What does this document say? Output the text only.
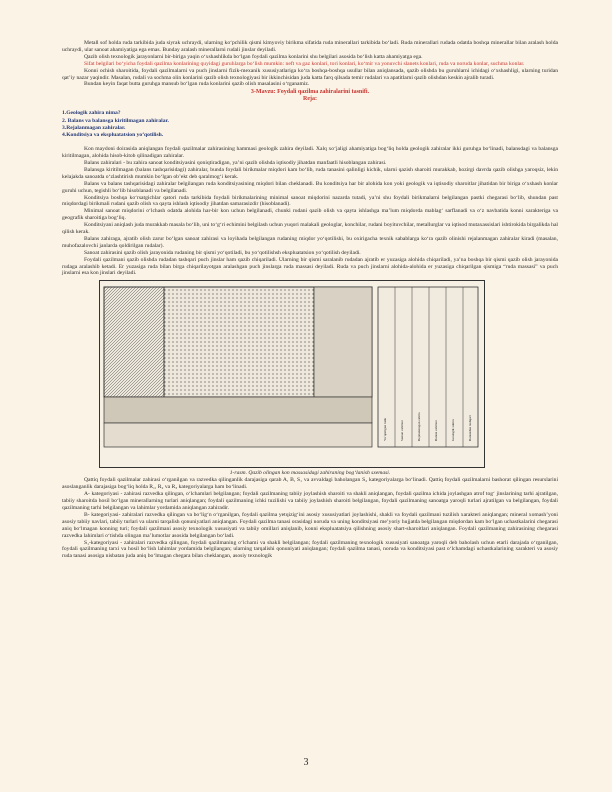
Metall sof holda ruda tarkibida juda siyrak uchraydi, ularning ko‘pchilik qismi kimyoviy birikma sifatida ruda minerallari tarkibida bo‘ladi. Ruda minerallari rudada odatda boshqa minerallar bilan aralash holda uchraydi, ular sanoat ahamiyatiga ega emas. Bunday aralash minerallarni rudali jinslar deyiladi.

Qazib olish texnologik jarayonlarni bir-biriga yaqin o‘xshashlikda bo‘lgan foydali qazilma konlarini shu belgilari asosida bo‘lish katta ahamiyatga ega.

Sifat belgilari bo‘yicha foydali qazilma konlarining quyidagi guruhlarga bo‘lish mumkin: neft va gaz konlari, tori konlari, ko‘mir va yonuvchi slanets konlari, ruda va noruda konlar, suchma konlar.

Konni ochish sharoitida, foydali qazilmalarni va puch jinslarni fizik-mexanik xususiyatlariga ko‘ra boshqa-boshqa usullar bilan aniqlansada, qazib olishda bu guruhlarni ichidagi o‘xshashligi, ularning turidan qat’iy nazar yaqindir. Masalan, rudali va sochma olin konlarini qazib olish texnologiyasi bir ikkinchisidan juda katta farq qilsada temir rudalari va apatitlarni qazib olishdan keskin ajralib turadi.

Bundan keyin faqat butta guruhga mansub bo‘lgan ruda konlarini qazib olish masalasini o‘rganamiz.

3-Mavzu: Foydali qazilma zahiralarini tasnifi.
Reja:

1.Geologik zahira nima?

2. Balans va balansga kiritilmagan zahiralar.

3.Rejalanmagan zahiralar.

4.Konditsiya va ekspluatatsion yo‘qotilish.

Kon maydoni doirasida aniqlangan foydali qazilmalar zahirasining hammasi geologik zahira deyiladi. Xalq xo‘jaligi ahamiyatiga bog‘liq holda geologik zahiralar ikki guruhga bo‘linadi, balansdagi va balansga kiritilmagan, alohida hisob-kitob qilinadigan zahiralar.

Balans zahiralari - bu zahira sanoat konditsiyasini qoniqtiradigan, ya’ni qazib olishda iqtisodiy jihatdan manfaatli hisoblangan zahirasi.

Balansga kiritilmagan (balans tashqarisidagi) zahiralar, bunda foydali birikmalar miqdori kam bo‘lib, ruda tanasini qalinligi kichik, ularni qazish sharoiti murakkab, hozirgi davrda qazib olishga yaroqsiz, lekin kelajakda sanoatda o‘zlashtirish mumkin bo‘lgan ob’ekt deb qaralmog‘i kerak.

Balans va balans tashqarisidagi zahiralar belgilangan ruda konditsiyasining miqdori bilan cheklanadi. Bu konditsiya har bir alohida kon yoki geologik va iqtisodiy sharoitlar jihatidan bir biriga o‘xshash konlar guruhi uchun, tegishli bo‘lib hisoblanadi va belgilanadi.

Konditsiya boshqa ko‘rsatgichlar qatori ruda tarkibida foydali birikmalarining minimal sanoat miqdorini nazarda tutadi, ya’ni shu foydali birikmalarni belgilangan pastki chegarasi bo‘lib, shundan past miqdordagi birikmali rudani qazib olish va qayta ishlash iqtisodiy jihatdan samarasizdir (hisoblanadi).

Minimal sanoat miqdorini o‘lchash odatda alohida har-bir kon uchun belgilanadi, chunki rudani qazib olish va qayta ishlashga ma’lum miqdorda mablag‘ sarflanadi va o‘z navbatida konni xarakteriga va geografik sharoitiga bog‘liq.

Konditsiyani aniqlash juda murakkab masala bo‘lib, uni to‘g‘ri echimini belgilash uchun yuqori malakali geologlar, konchilar, rudani boyituvchilar, metallurglar va iqtisod mutaxassislari ishtirokida birgalikda hal qilish kerak.

Balans zahiraga, ajratib olish zarur bo‘lgan sanoat zahirasi va loyihada belgilangan rudaning miqdor yo‘qotilishi, bu oxirigacha texnik sabablarga ko‘ra qazib olinishi rejalanmagan zahiralar kiradi (masalan, muhofazalovchi janlarda qoldirilgan rudalar).

Sanoat zahirasini qazib olish jarayonida rudaning bir qismi yo‘qotiladi, bu yo‘qotilishsh ekspluatatsion yo‘qotilish deyiladi.

Foydali qazilmani qazib olishda rudadan tashqari puch jinslar ham qazib chiqariladi. Ularning bir qismi saralanib rudadan ajratib er yuzasiga alohida chiqariladi, ya’na boshqa bir qismi qazib olish jarayonida rudaga aralashib ketadi. Er yuzasiga ruda bilan birga chiqarilayotgan aralashgan puch jinslarga ruda massasi deyiladi. Ruda va puch jinslarni alohida-alohida er yuzasiga chiqarilgan qismiga “ruda massasi” va puch jinslarni esa kon jinslari deyiladi.

Yo‘qotilgan ruda	Sanoat zahirasi	Rejalanmagan zahira	Balans zahirasi	Geologik zahira	Balansdan tashqari
1-rasm. Qazib olingan kon massasidagi zahiraning bog‘lanish sxemasi.

Qattiq foydali qazilmalar zahirasi o‘rganilgan va razvedka qilinganlik darajasiga qarab A, B, S₁ va avvaldagi baholangan S₂ kategoriyalarga bo‘linadi. Qattiq foydali qazilmalarni bashorat qilingan resurslarini asoslanganlik darajasiga bog‘liq holda R₁, R₂ va R₃ kategoriyalarga ham bo‘linadi.

A- kategoriyasi - zahirasi razvedka qilingan, o‘lchamlari belgilangan; foydali qazilmaning tabiiy joylashish sharoiti va shakli aniqlangan, foydali qazilma ichida joylashgan atrof tog‘ jinslarining tarhi ajratilgan, tabiiy sharoitda hosil bo‘lgan minerallarning turlari aniqlangan; foydali qazilmaning ichki tuzilishi va tabiiy joylashish sharoiti belgilangan, foydali qazilmaning sanoatga yaroqli turlari ajratilgan va belgilangan, foydali qazilmaning tarhi belgilangan va lahimlar yordamida aniqlangan zahiradir.

B- kategoriyasi- zahiralari razvedka qilingan va bo‘lig‘n o‘rganilgan, foydali qazilma yetqizig‘ini asosiy xususiyatlari joylashishi, shakli va foydali qazilmani tuzilish xarakteri aniqlangan; mineral xomash’yoni asosiy tabiiy navlari, tabiiy turlari va ularni tarqalish qonuniyatlari aniqlangan. Foydali qazilma tanasi orasidagi noruda va uning konditsiyasi me’yoriy hujjatda belgilangan miqdordan kam bo‘lgan uchastkalarini chegarasi aniq bo‘lmagan konning turi; foydali qazilmani asosiy texnologik xususiyati va tabiiy omillari aniqlanib, konni ekspluatatsiya qilishning asosiy shart-sharoitlari aniqlangan. Foydali qazilmaning zahirasining chegarasi razvedka lahimlari o‘tishda olingan ma’lumotlar asosida belgilangan bo‘ladi.

S₁-kategoriyasi - zahiralari razvedka qilingan, foydali qazilmaning o‘lchami va shakli belgilangan; foydali qazilmaning texnologik xususiyati sanoatga yaroqli deb baholash uchun etarli darajada o‘rganilgan, foydali qazilmaning tarxi va hosil bo‘lish lahimlar yordamida belgilangan; ularning tarqalishi qonuniyati aniqlangan; foydali qazilma tanasi, noruda va konditsiyasi past o‘lchamdagi uchastkalarining xarakteri va asosiy ruda tanasi asosiga nisbatan juda aniq bo‘lmagan chegara bilan cheklangan, asosiy texnologik

3
